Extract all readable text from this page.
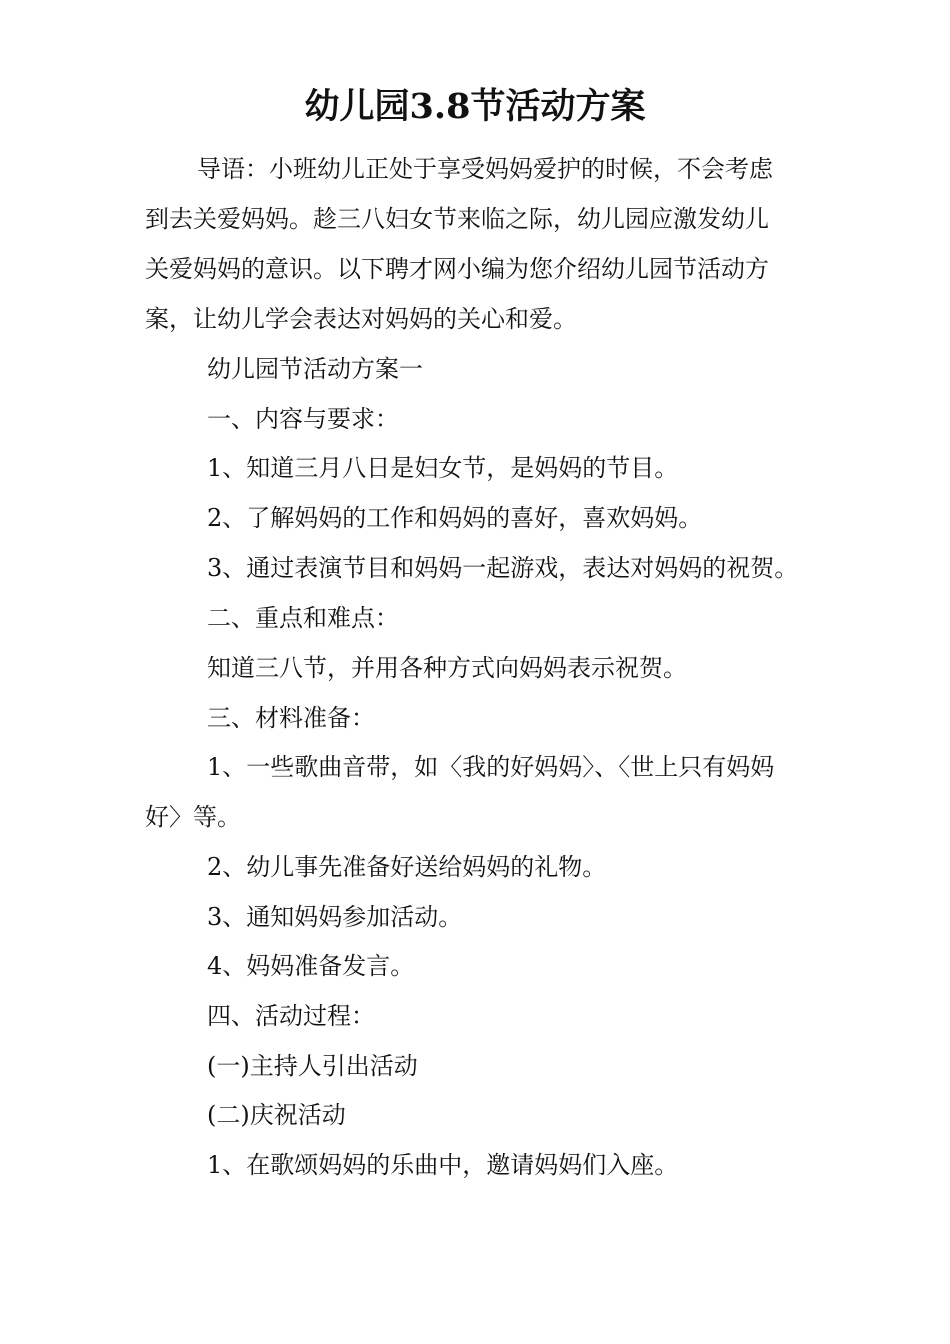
幼儿园3.8节活动方案
导语：小班幼儿正处于享受妈妈爱护的时候，不会考虑
到去关爱妈妈。趁三八妇女节来临之际，幼儿园应激发幼儿
关爱妈妈的意识。以下聘才网小编为您介绍幼儿园节活动方
案，让幼儿学会表达对妈妈的关心和爱。

幼儿园节活动方案一

一、内容与要求：

1、知道三月八日是妇女节，是妈妈的节目。

2、了解妈妈的工作和妈妈的喜好，喜欢妈妈。

3、通过表演节目和妈妈一起游戏，表达对妈妈的祝贺。

二、重点和难点：

知道三八节，并用各种方式向妈妈表示祝贺。

三、材料准备：

1、一些歌曲音带，如〈我的好妈妈〉、〈世上只有妈妈

好〉等。

2、幼儿事先准备好送给妈妈的礼物。

3、通知妈妈参加活动。

4、妈妈准备发言。

四、活动过程：

(一)主持人引出活动

(二)庆祝活动

1、在歌颂妈妈的乐曲中，邀请妈妈们入座。
